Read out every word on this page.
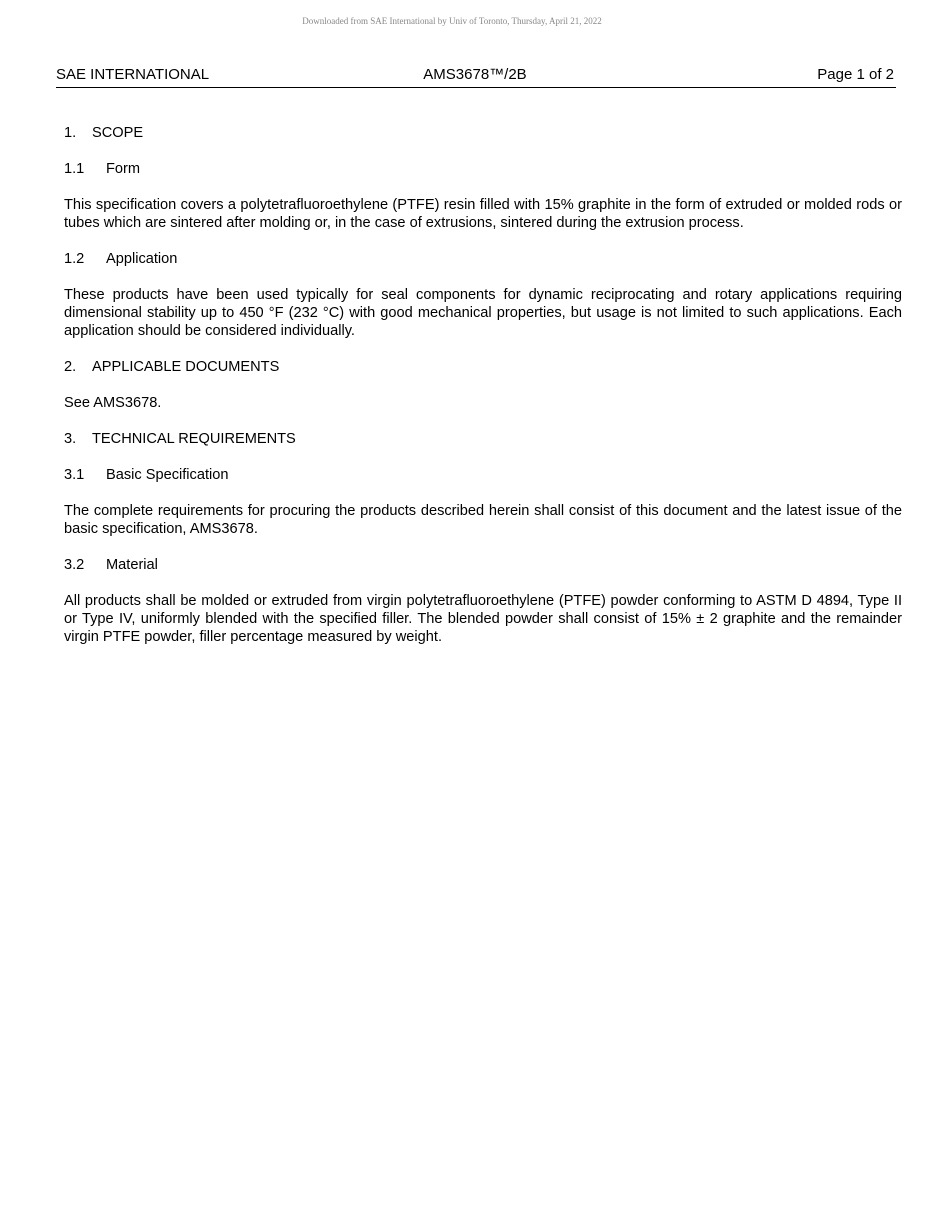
Downloaded from SAE International by Univ of Toronto, Thursday, April 21, 2022
SAE INTERNATIONAL	AMS3678™/2B	Page 1 of 2

1. SCOPE

1.1 Form

This specification covers a polytetrafluoroethylene (PTFE) resin filled with 15% graphite in the form of extruded or molded rods or tubes which are sintered after molding or, in the case of extrusions, sintered during the extrusion process.

1.2 Application

These products have been used typically for seal components for dynamic reciprocating and rotary applications requiring dimensional stability up to 450 °F (232 °C) with good mechanical properties, but usage is not limited to such applications. Each application should be considered individually.

2. APPLICABLE DOCUMENTS

See AMS3678.

3. TECHNICAL REQUIREMENTS

3.1 Basic Specification

The complete requirements for procuring the products described herein shall consist of this document and the latest issue of the basic specification, AMS3678.

3.2 Material

All products shall be molded or extruded from virgin polytetrafluoroethylene (PTFE) powder conforming to ASTM D 4894, Type II or Type IV, uniformly blended with the specified filler. The blended powder shall consist of 15% ± 2 graphite and the remainder virgin PTFE powder, filler percentage measured by weight.
